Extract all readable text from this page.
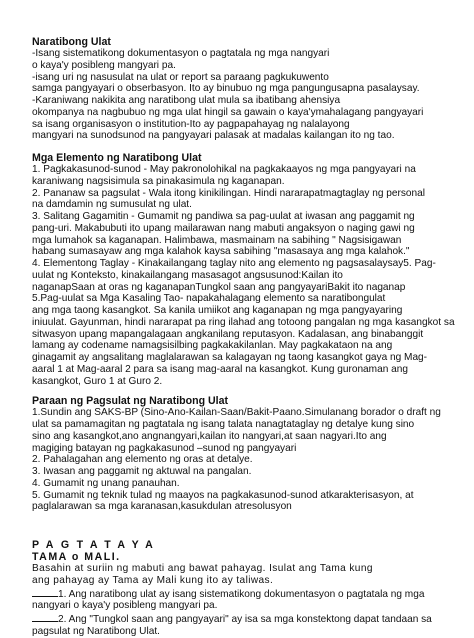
Naratibong Ulat
-Isang sistematikong dokumentasyon o pagtatala ng mga nangyari
o kaya'y posibleng mangyari pa.
-isang uri ng nasusulat na ulat or report sa paraang pagkukuwento
samga pangyayari o obserbasyon. Ito ay binubuo ng mga pangungusapna pasalaysay.
-Karaniwang nakikita ang naratibong ulat mula sa ibatibang ahensiya
okompanya na nagbubuo ng mga ulat hingil sa gawain o kaya'ymahalagang pangyayari
sa isang organisasyon o institution-Ito ay pagpapahayag ng nalalayong
mangyari na sunodsunod na pangyayari palasak at madalas kailangan ito ng tao.
Mga Elemento ng Naratibong Ulat
1. Pagkakasunod-sunod - May pakronolohikal na pagkakaayos ng mga pangyayari na
karaniwang nagsisimula sa pinakasimula ng kaganapan.
2. Pananaw sa pagsulat - Wala itong kinikilingan. Hindi nararapatmagtaglay ng personal
na damdamin ng sumusulat ng ulat.
3. Salitang Gagamitin - Gumamit ng pandiwa sa pag-uulat at iwasan ang paggamit ng
pang-uri. Makabubuti ito upang mailarawan nang mabuti angaksyon o naging gawi ng
mga lumahok sa kaganapan. Halimbawa, masmainam na sabihing " Nagsisigawan
habang sumasayaw ang mga kalahok kaysa sabihing "masasaya ang mga kalahok."
4. Elementong Taglay - Kinakailangang taglay nito ang elemento ng pagsasalaysay5. Pag-
uulat ng Konteksto, kinakailangang masasagot angsusunod:Kailan ito
naganapSaan at oras ng kaganapanTungkol saan ang pangyayariBakit ito naganap
5.Pag-uulat sa Mga Kasaling Tao- napakahalagang elemento sa naratibongulat
ang mga taong kasangkot. Sa kanila umiikot ang kaganapan ng mga pangyayaring
iniuulat. Gayunman, hindi nararapat pa ring ilahad ang totoong pangalan ng mga kasangkot sa
sitwasyon upang mapangalagaan angkanilang reputasyon. Kadalasan, ang binabanggit
lamang ay codename namagsisilbing pagkakakilanlan. May pagkakataon na ang
ginagamit ay angsalitang maglalarawan sa kalagayan ng taong kasangkot gaya ng Mag-
aaral 1 at Mag-aaral 2 para sa isang mag-aaral na kasangkot. Kung guronaman ang
kasangkot, Guro 1 at Guro 2.
Paraan ng Pagsulat ng Naratibong Ulat
1.Sundin ang SAKS-BP (Sino-Ano-Kailan-Saan/Bakit-Paano.Simulanang borador o draft ng
ulat sa pamamagitan ng pagtatala ng isang talata nanagtataglay ng detalye kung sino
sino ang kasangkot,ano angnangyari,kailan ito nangyari,at saan nagyari.Ito ang
magiging batayan ng pagkakasunod –sunod ng pangyayari
2. Pahalagahan ang elemento ng oras at detalye.
3. Iwasan ang paggamit ng aktuwal na pangalan.
4. Gumamit ng unang panauhan.
5. Gumamit ng teknik tulad ng maayos na pagkakasunod-sunod atkarakterisasyon, at
paglalarawan sa mga karanasan,kasukdulan atresolusyon
PAGTATAYA
TAMA o MALI.
Basahin at suriin ng mabuti ang bawat pahayag. Isulat ang Tama kung
ang pahayag ay Tama ay Mali kung ito ay taliwas.
1. Ang naratibong ulat ay isang sistematikong dokumentasyon o pagtatala ng mga
nangyari o kaya'y posibleng mangyari pa.
2. Ang "Tungkol saan ang pangyayari" ay isa sa mga konstektong dapat tandaan sa
pagsulat ng Naratibong Ulat.
